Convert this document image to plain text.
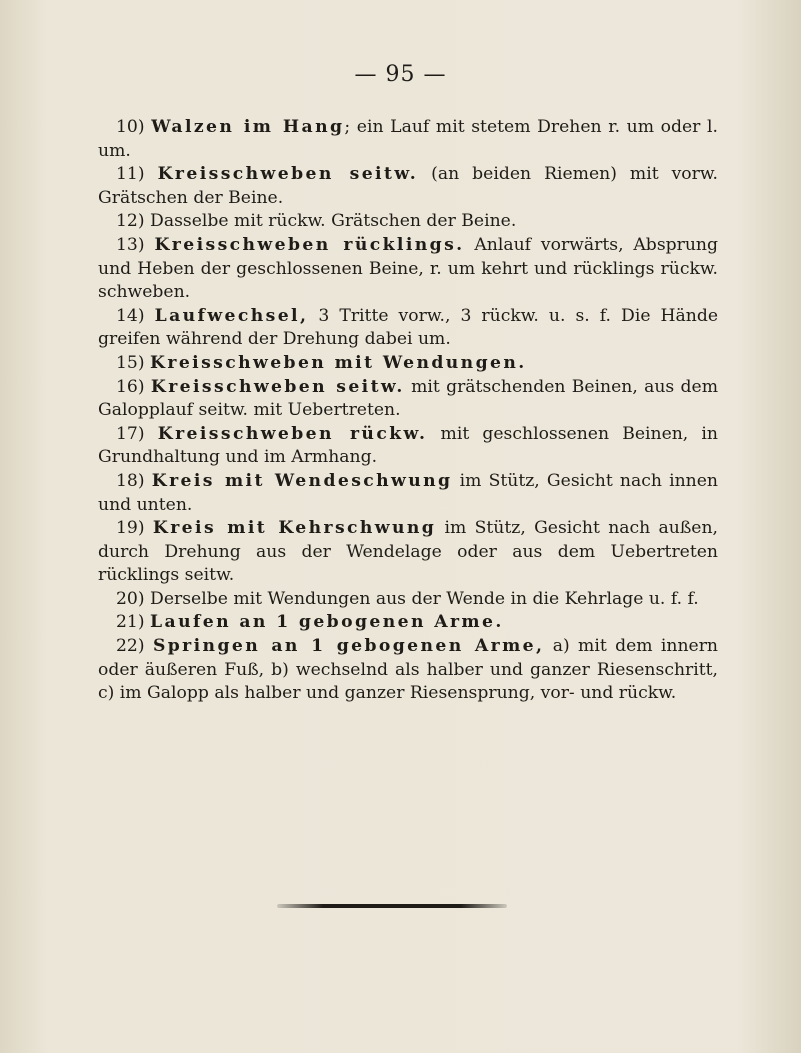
— 95 —

10) Walzen im Hang; ein Lauf mit stetem Drehen r. um oder l. um.

11) Kreisschweben seitw. (an beiden Riemen) mit vorw. Grätschen der Beine.

12) Dasselbe mit rückw. Grätschen der Beine.

13) Kreisschweben rücklings. Anlauf vorwärts, Absprung und Heben der geschlossenen Beine, r. um kehrt und rücklings rückw. schweben.

14) Laufwechsel, 3 Tritte vorw., 3 rückw. u. s. f. Die Hände greifen während der Drehung dabei um.

15) Kreisschweben mit Wendungen.

16) Kreisschweben seitw. mit grätschenden Beinen, aus dem Galopplauf seitw. mit Uebertreten.

17) Kreisschweben rückw. mit geschlossenen Beinen, in Grundhaltung und im Armhang.

18) Kreis mit Wendeschwung im Stütz, Gesicht nach innen und unten.

19) Kreis mit Kehrschwung im Stütz, Gesicht nach außen, durch Drehung aus der Wendelage oder aus dem Uebertreten rücklings seitw.

20) Derselbe mit Wendungen aus der Wende in die Kehrlage u. f. f.

21) Laufen an 1 gebogenen Arme.

22) Springen an 1 gebogenen Arme, a) mit dem innern oder äußeren Fuß, b) wechselnd als halber und ganzer Riesenschritt, c) im Galopp als halber und ganzer Riesensprung, vor- und rückw.
